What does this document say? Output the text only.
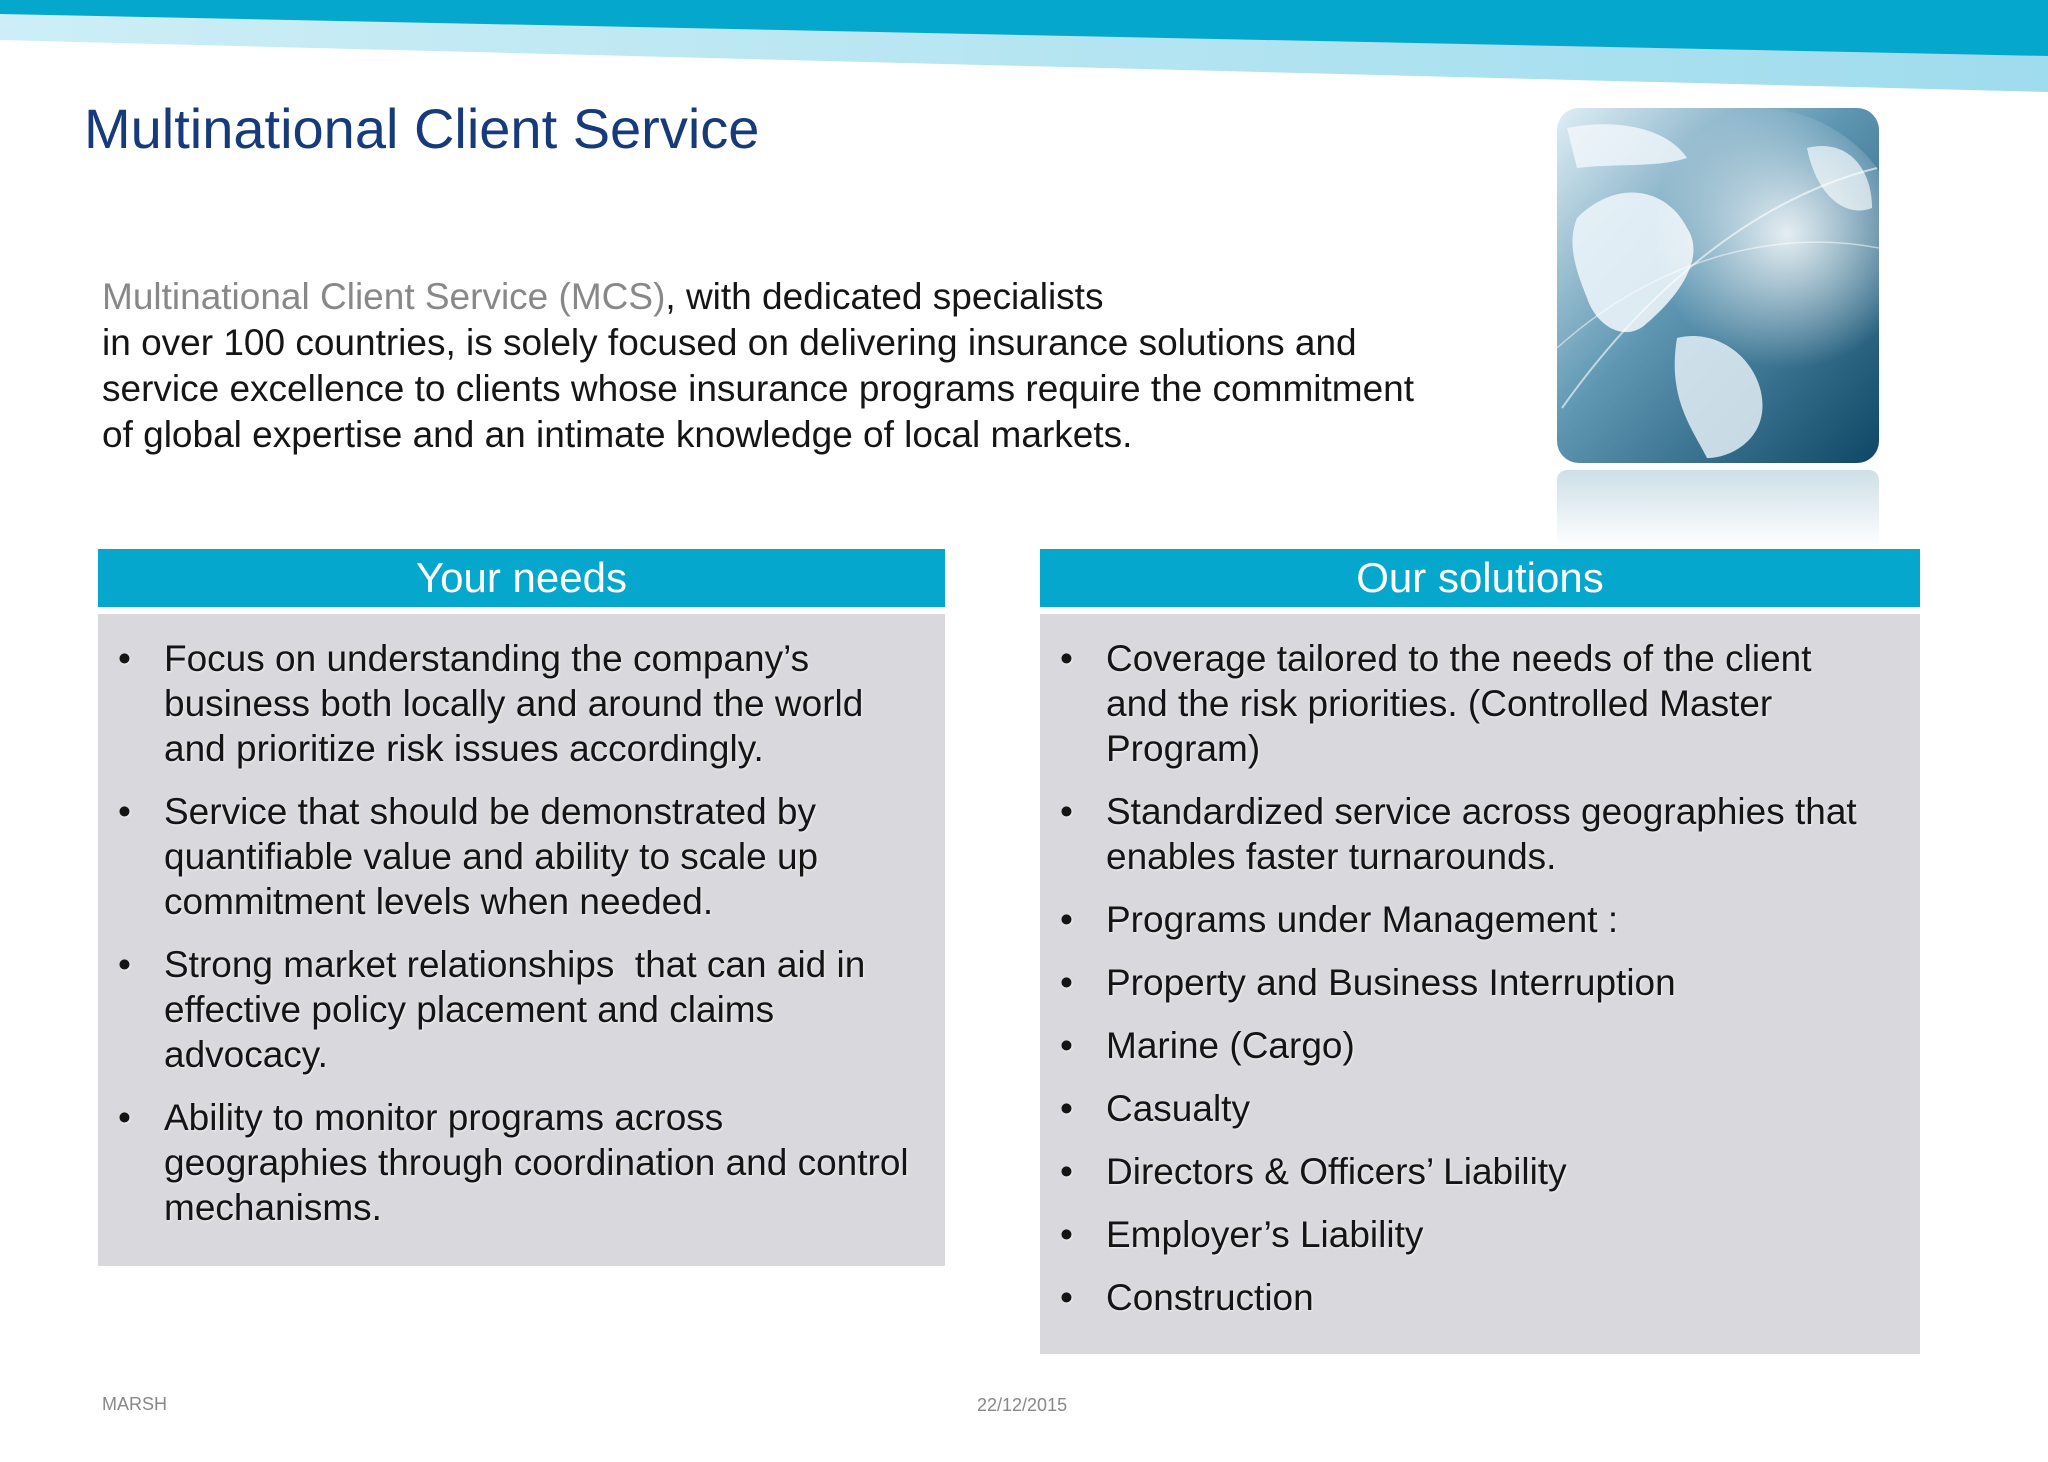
Multinational Client Service
Multinational Client Service (MCS), with dedicated specialists
in over 100 countries, is solely focused on delivering insurance solutions and
service excellence to clients whose insurance programs require the commitment
of global expertise and an intimate knowledge of local markets.
Your needs
• Focus on understanding the company’s
business both locally and around the world
and prioritize risk issues accordingly.
• Service that should be demonstrated by
quantifiable value and ability to scale up
commitment levels when needed.
• Strong market relationships  that can aid in
effective policy placement and claims
advocacy.
• Ability to monitor programs across
geographies through coordination and control
mechanisms.
Our solutions
• Coverage tailored to the needs of the client
and the risk priorities. (Controlled Master
Program)
• Standardized service across geographies that
enables faster turnarounds.
• Programs under Management :
• Property and Business Interruption
• Marine (Cargo)
• Casualty
• Directors & Officers’ Liability
• Employer’s Liability
• Construction
MARSH	22/12/2015
